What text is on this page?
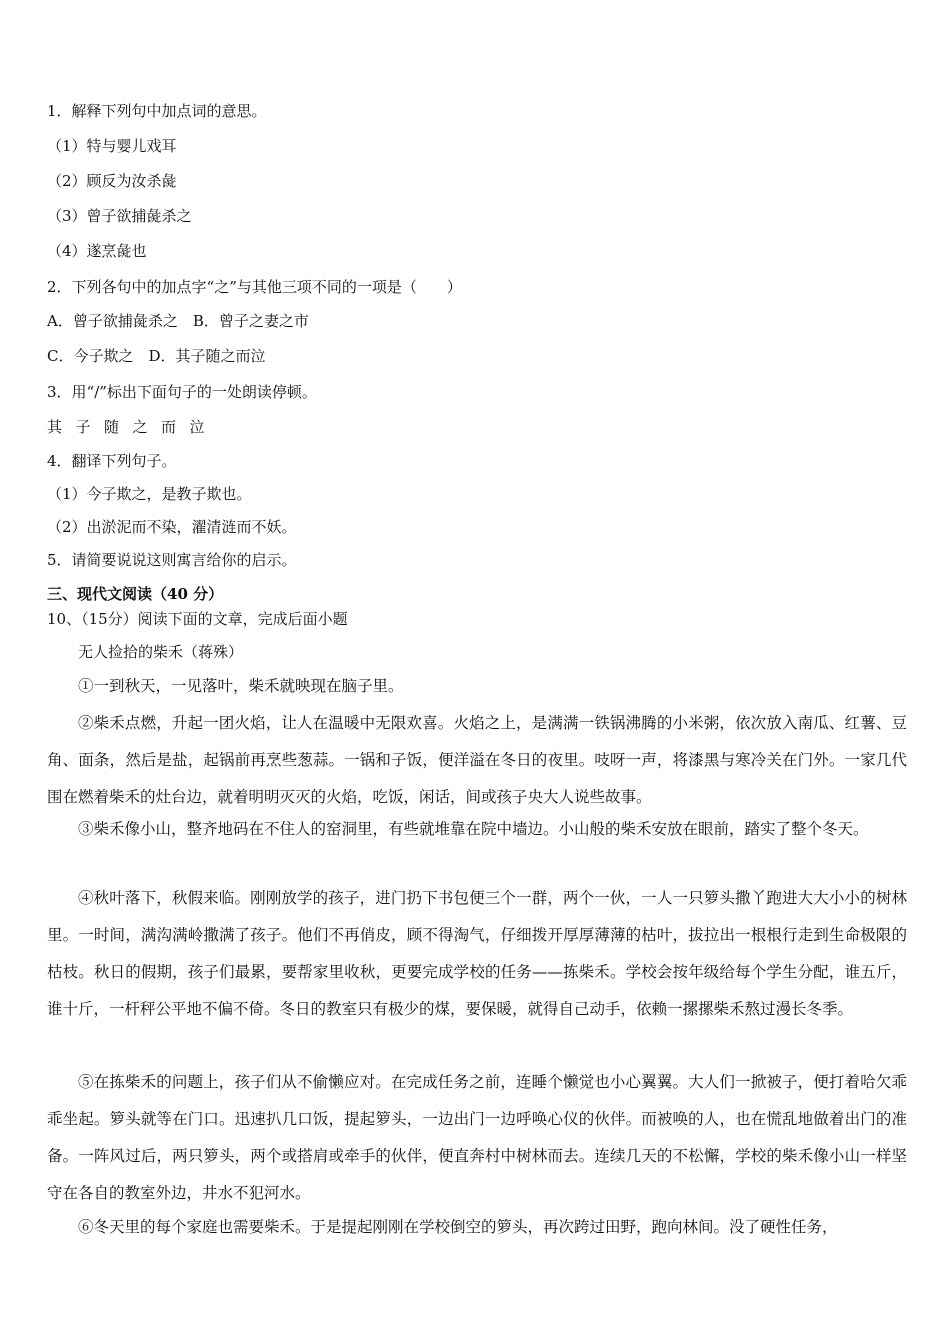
1．解释下列句中加点词的意思。
（1）特与婴儿戏耳
（2）顾反为汝杀彘
（3）曾子欲捕彘杀之
（4）遂烹彘也
2．下列各句中的加点字“之”与其他三项不同的一项是（　　）
A．曾子欲捕彘杀之　B．曾子之妻之市
C．今子欺之　D．其子随之而泣
3．用“/”标出下面句子的一处朗读停顿。
其子随之而泣
4．翻译下列句子。
（1）今子欺之，是教子欺也。
（2）出淤泥而不染，濯清涟而不妖。
5．请简要说说这则寓言给你的启示。
三、现代文阅读（40 分）
10、（15分）阅读下面的文章，完成后面小题
无人捡拾的柴禾（蒋殊）
①一到秋天，一见落叶，柴禾就映现在脑子里。
②柴禾点燃，升起一团火焰，让人在温暖中无限欢喜。火焰之上，是满满一铁锅沸腾的小米粥，依次放入南瓜、红薯、豆角、面条，然后是盐，起锅前再烹些葱蒜。一锅和子饭，便洋溢在冬日的夜里。吱呀一声，将漆黑与寒冷关在门外。一家几代围在燃着柴禾的灶台边，就着明明灭灭的火焰，吃饭，闲话，间或孩子央大人说些故事。
③柴禾像小山，整齐地码在不住人的窑洞里，有些就堆靠在院中墙边。小山般的柴禾安放在眼前，踏实了整个冬天。
④秋叶落下，秋假来临。刚刚放学的孩子，进门扔下书包便三个一群，两个一伙，一人一只箩头撒丫跑进大大小小的树林里。一时间，满沟满岭撒满了孩子。他们不再俏皮，顾不得淘气，仔细拨开厚厚薄薄的枯叶，拔拉出一根根行走到生命极限的枯枝。秋日的假期，孩子们最累，要帮家里收秋，更要完成学校的任务——拣柴禾。学校会按年级给每个学生分配，谁五斤，谁十斤，一杆秤公平地不偏不倚。冬日的教室只有极少的煤，要保暖，就得自己动手，依赖一摞摞柴禾熬过漫长冬季。
⑤在拣柴禾的问题上，孩子们从不偷懒应对。在完成任务之前，连睡个懒觉也小心翼翼。大人们一掀被子，便打着哈欠乖乖坐起。箩头就等在门口。迅速扒几口饭，提起箩头，一边出门一边呼唤心仪的伙伴。而被唤的人，也在慌乱地做着出门的准备。一阵风过后，两只箩头，两个或搭肩或牵手的伙伴，便直奔村中树林而去。连续几天的不松懈，学校的柴禾像小山一样坚守在各自的教室外边，井水不犯河水。
⑥冬天里的每个家庭也需要柴禾。于是提起刚刚在学校倒空的箩头，再次跨过田野，跑向林间。没了硬性任务，
